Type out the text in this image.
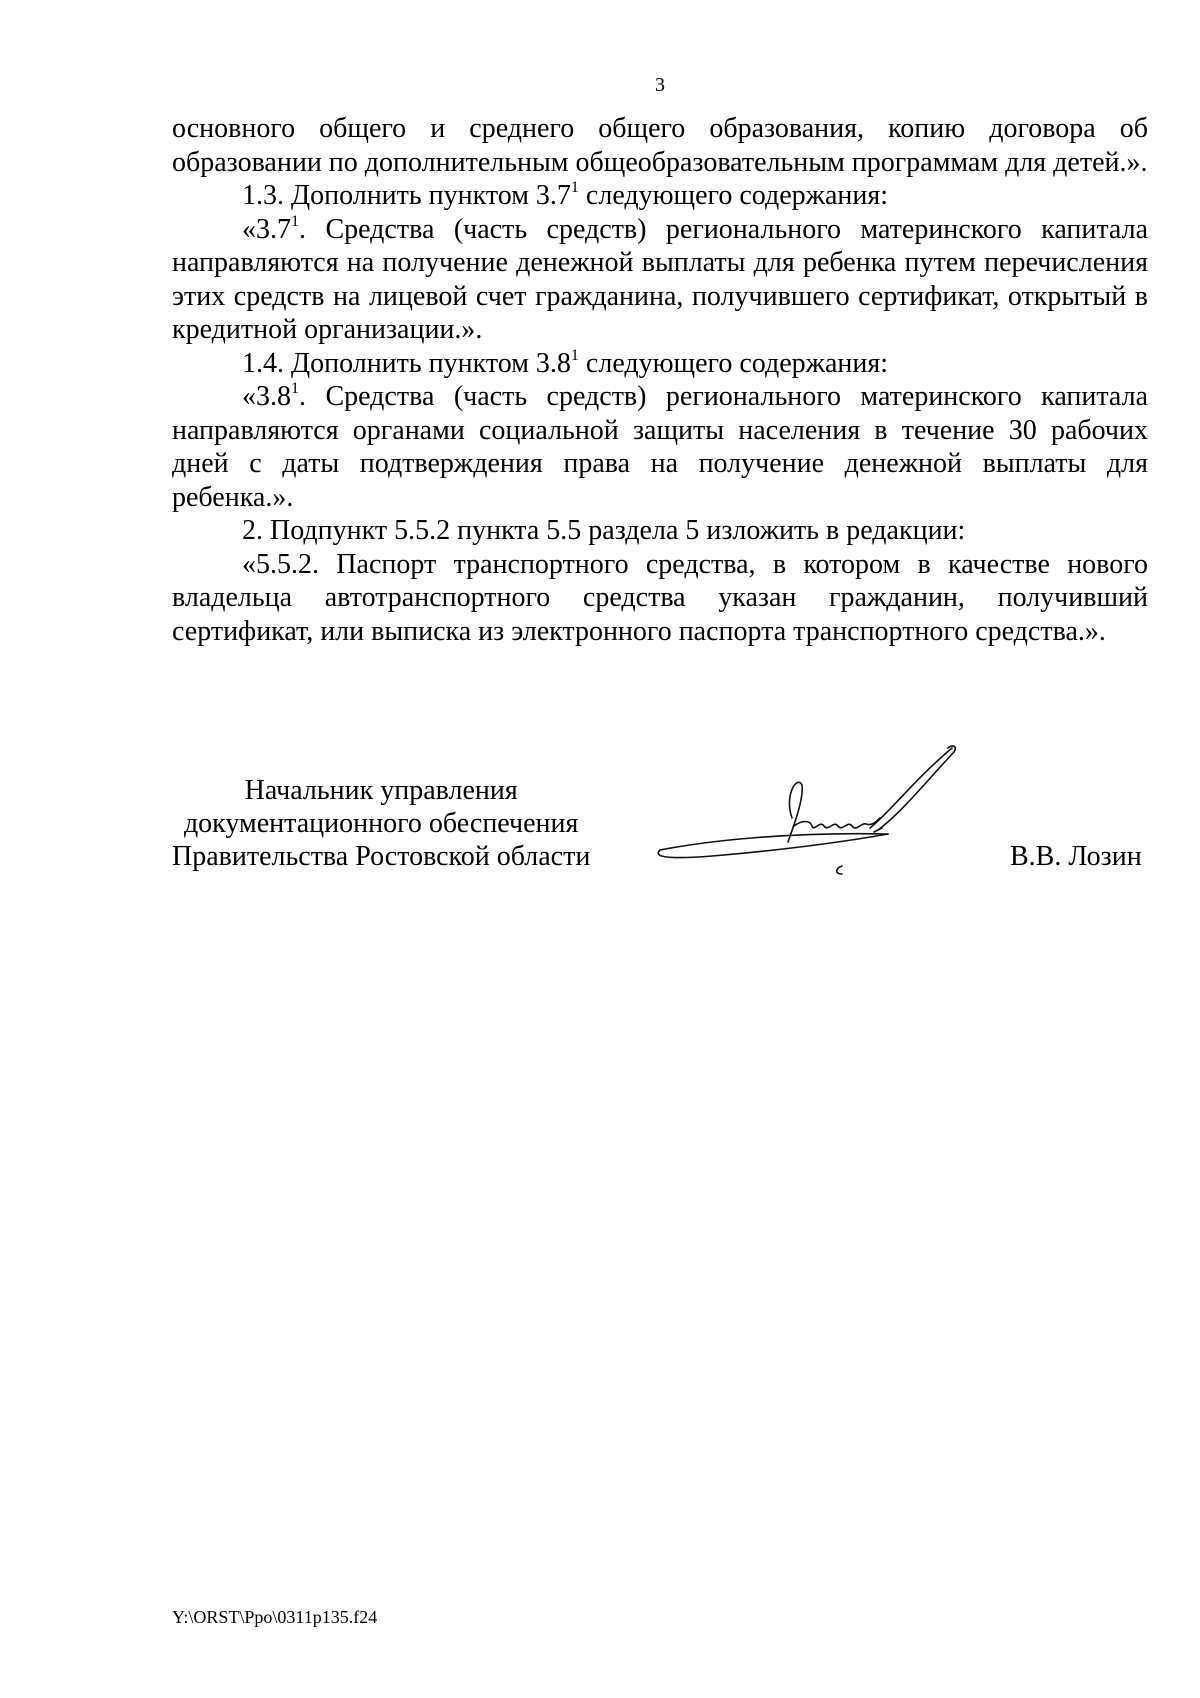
3

основного общего и среднего общего образования, копию договора об образовании по дополнительным общеобразовательным программам для детей.».

1.3. Дополнить пунктом $3.7^1$ следующего содержания:

«$3.7^1$. Средства (часть средств) регионального материнского капитала направляются на получение денежной выплаты для ребенка путем перечисления этих средств на лицевой счет гражданина, получившего сертификат, открытый в кредитной организации.».

1.4. Дополнить пунктом $3.8^1$ следующего содержания:

«$3.8^1$. Средства (часть средств) регионального материнского капитала направляются органами социальной защиты населения в течение 30 рабочих дней с даты подтверждения права на получение денежной выплаты для ребенка.».

2. Подпункт 5.5.2 пункта 5.5 раздела 5 изложить в редакции:

«5.5.2. Паспорт транспортного средства, в котором в качестве нового владельца автотранспортного средства указан гражданин, получивший сертификат, или выписка из электронного паспорта транспортного средства.».

Начальник управления
документационного обеспечения
Правительства Ростовской области	В.В. Лозин
Y:\ORST\Ppo\0311p135.f24
